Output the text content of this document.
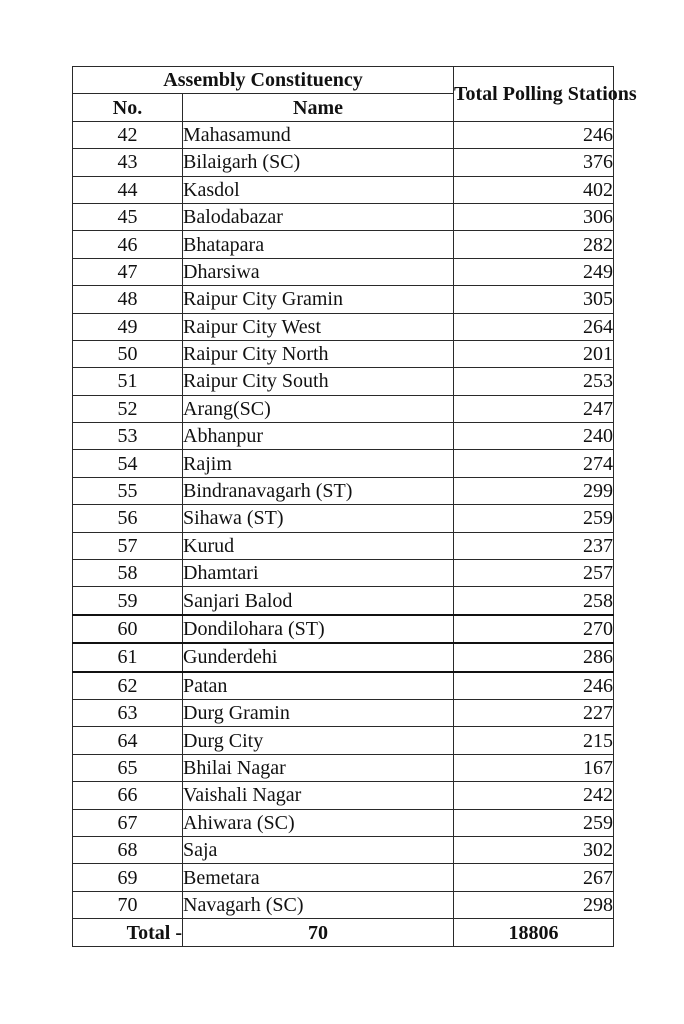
Assembly Constituency		Total Polling Stations
No.	Name	
42	Mahasamund	246
43	Bilaigarh (SC)	376
44	Kasdol	402
45	Balodabazar	306
46	Bhatapara	282
47	Dharsiwa	249
48	Raipur City Gramin	305
49	Raipur City West	264
50	Raipur City North	201
51	Raipur City South	253
52	Arang(SC)	247
53	Abhanpur	240
54	Rajim	274
55	Bindranavagarh (ST)	299
56	Sihawa (ST)	259
57	Kurud	237
58	Dhamtari	257
59	Sanjari Balod	258
60	Dondilohara (ST)	270
61	Gunderdehi	286
62	Patan	246
63	Durg Gramin	227
64	Durg City	215
65	Bhilai Nagar	167
66	Vaishali Nagar	242
67	Ahiwara (SC)	259
68	Saja	302
69	Bemetara	267
70	Navagarh (SC)	298
Total -	70	18806
